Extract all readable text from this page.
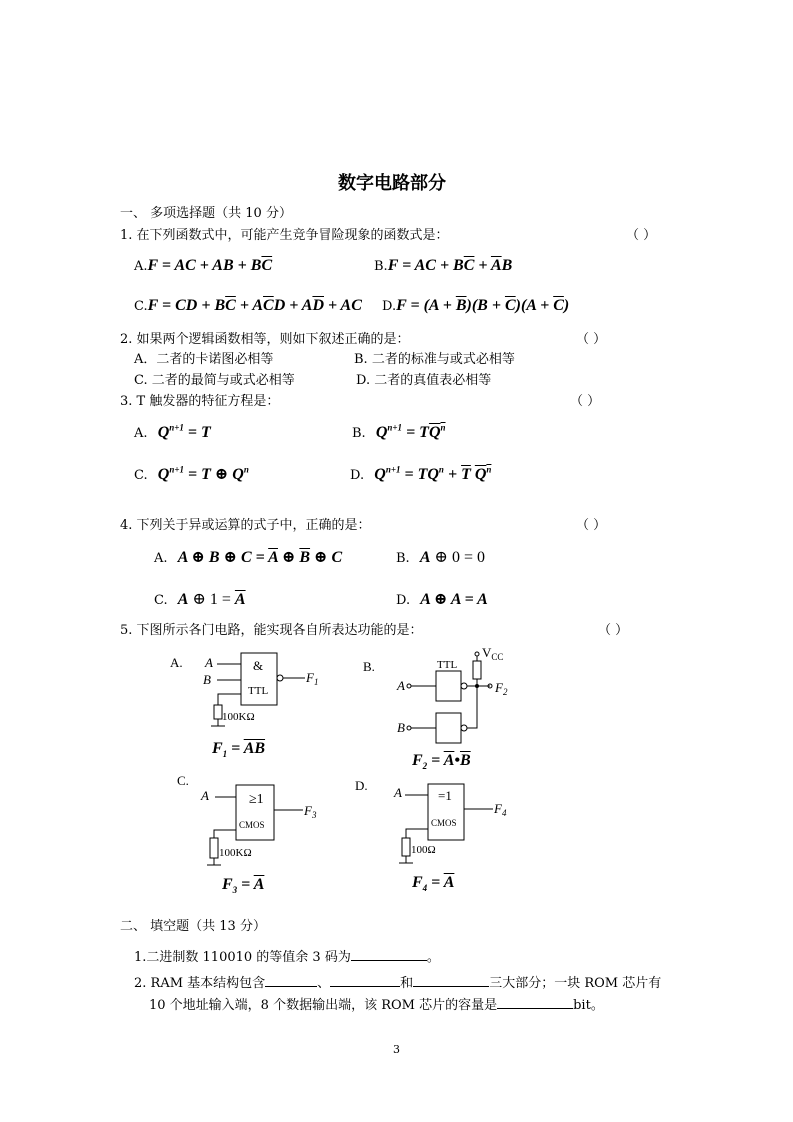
数字电路部分
一、 多项选择题（共 10 分）
1. 在下列函数式中，可能产生竞争冒险现象的函数式是：	（ ）
A.F = AC + AB + $B\overline{C}$	B.F = AC + $B\overline{C} + \overline{A}B$
C.F = CD + $B\overline{C} + A\overline{C}D + A\overline{D}$ + AC $D.F = (A + \overline{B})(B + \overline{C})(A + \overline{C})$
2. 如果两个逻辑函数相等，则如下叙述正确的是：	（ ）
A．二者的卡诺图必相等	B. 二者的标准与或式必相等
C. 二者的最简与或式必相等	D. 二者的真值表必相等
3. T 触发器的特征方程是：	（ ）
A. $Q^{n+1} = T$	B. $Q^{n+1} = TQ^n$
C. $Q^{n+1} = T$ ⊕ $Q^n$	D. $Q^{n+1} = TQ^n + \overline{T}$ $Q^n$
4. 下列关于异或运算的式子中，正确的是：	（ ）
A. A ⊕ B ⊕ $C = \overline{A}$ ⊕ $\overline{B}$ ⊕ C	B. A ⊕ 0 = 0
C. A ⊕ $1 = \overline{A}$	D. A ⊕ A = A
5. 下图所示各门电路，能实现各自所表达功能的是：	（ ）
A. A
B
&
TTL
$F_1$
100KΩ
B.	TTL
$V_{CC}$
A
B
$F_2$
C.
A	≥1
CMOS
$F_3$
100KΩ
D. A	=1
CMOS
$F_4$
100Ω
$F_1 = \overline{AB}$
$F_2$ = $\overline{A}•\overline{B}$
$F_3 = \overline{A}$	$F_4 = \overline{A}$
二、 填空题（共 13 分）
1.二进制数 110010 的等值余 3 码为	。
2. RAM 基本结构包含	、	和	三大部分；一块 ROM 芯片有
10 个地址输入端，8 个数据输出端，该 ROM 芯片的容量是	bit。
3
